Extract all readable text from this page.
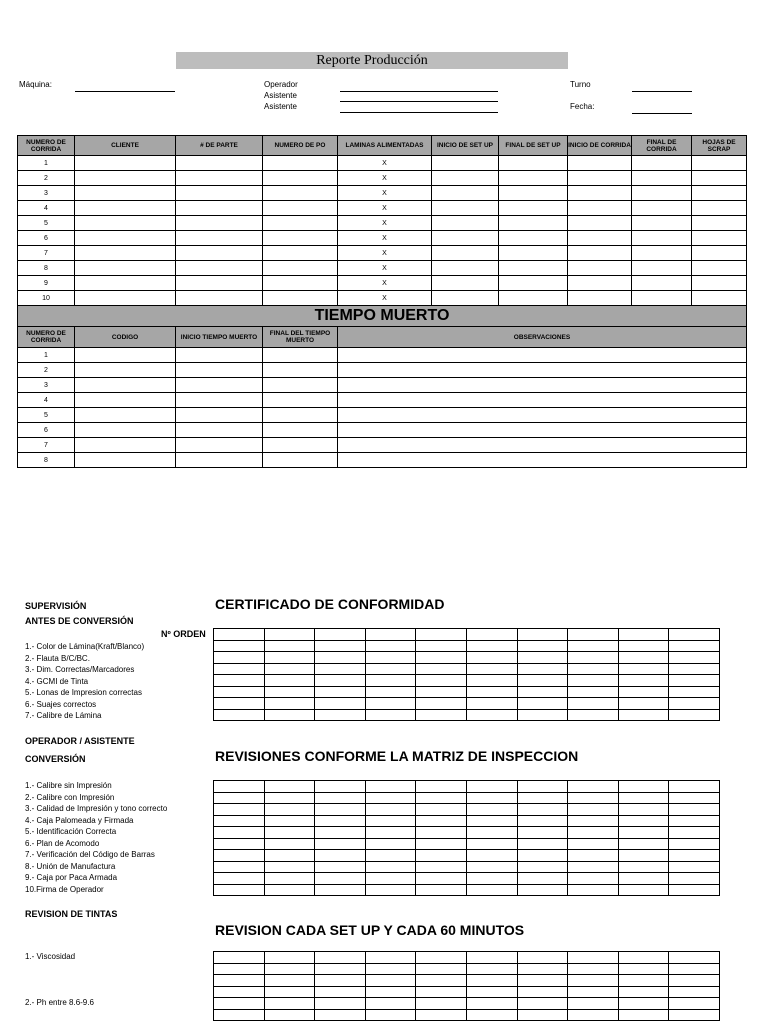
Reporte Producción
Máquina:	Operador
Asistente
Asistente
Turno
Fecha:
NUMERO DE CORRIDA	CLIENTE	# DE PARTE	NUMERO DE PO	LAMINAS ALIMENTADAS	INICIO DE SET UP	FINAL DE SET UP	INICIO DE CORRIDA	FINAL DE CORRIDA	HOJAS DE SCRAP
1				X					
2				X					
3				X					
4				X					
5				X					
6				X					
7				X					
8				X					
9				X					
10				X					
TIEMPO MUERTO									
NUMERO DE CORRIDA	CODIGO	INICIO TIEMPO MUERTO	FINAL DEL TIEMPO MUERTO	OBSERVACIONES					
1									
2									
3									
4									
5									
6									
7									
8									
SUPERVISIÓN
ANTES DE CONVERSIÓN
CERTIFICADO DE CONFORMIDAD
Nº ORDEN
1.- Color de Lámina(Kraft/Blanco)
2.- Flauta B/C/BC.
3.- Dim. Correctas/Marcadores
4.- GCMI de Tinta
5.- Lonas de Impresion correctas
6.- Suajes correctos
7.- Calibre de Lámina

OPERADOR / ASISTENTE
CONVERSIÓN	REVISIONES CONFORME LA MATRIZ DE INSPECCION
1.- Calibre sin Impresión
2.- Calibre con Impresión
3.- Calidad de Impresión y tono correcto
4.- Caja Palomeada y Firmada
5.- Identificación Correcta
6.- Plan de Acomodo
7.- Verificación del Código de Barras
8.- Unión de Manufactura
9.- Caja por Paca Armada
10.Firma de Operador

REVISION DE TINTAS
REVISION CADA SET UP Y CADA 60 MINUTOS
1.- Viscosidad
2.- Ph entre 8.6-9.6
